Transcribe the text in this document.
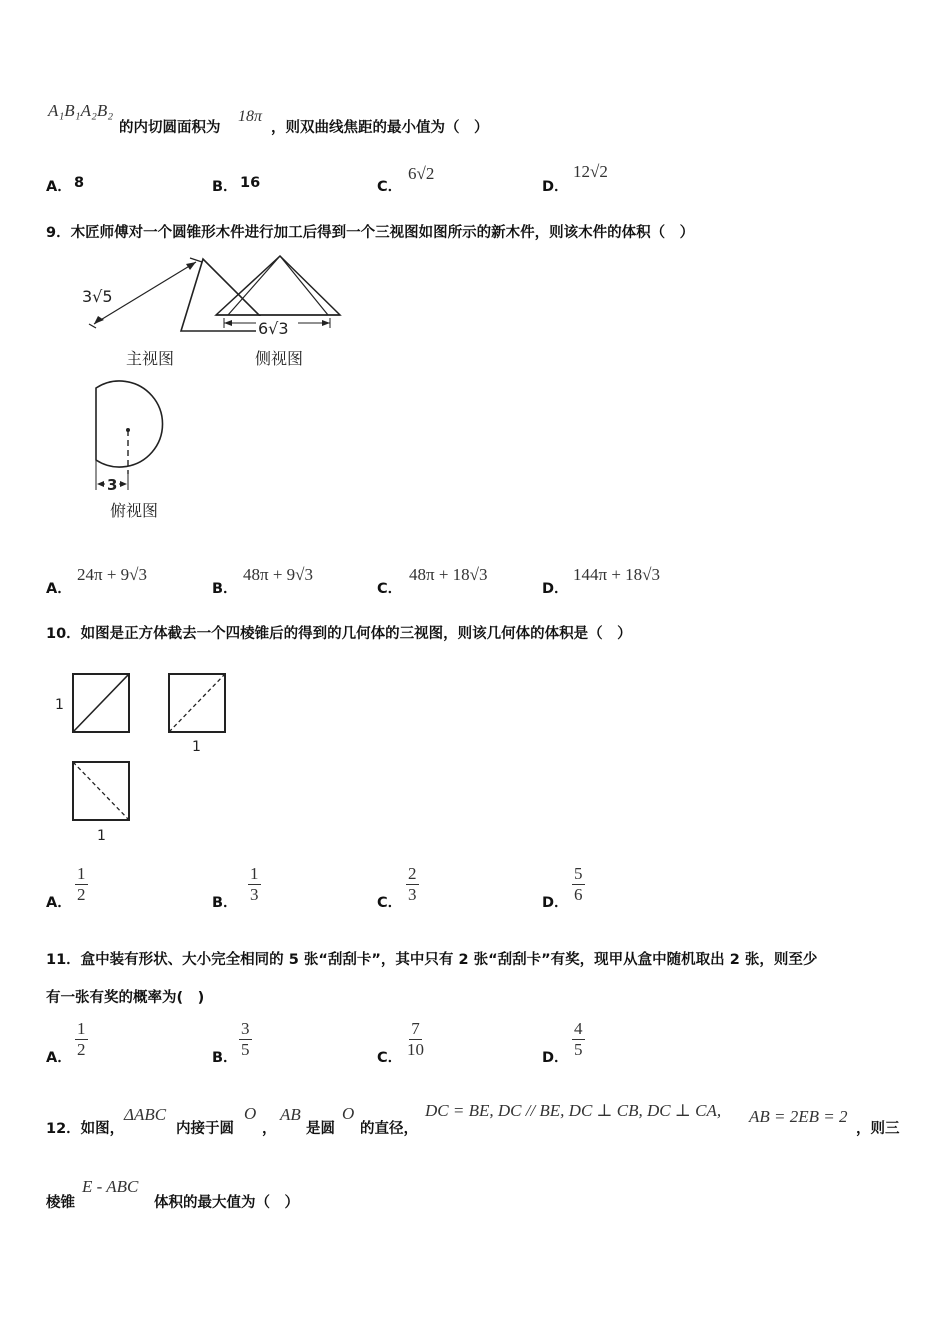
A₁B₁A₂B₂
的内切圆面积为
18π
，则双曲线焦距的最小值为（　）
A． 8	B． 16	C．
6√2
D．
12√2
9．木匠师傅对一个圆锥形木件进行加工后得到一个三视图如图所示的新木件，则该木件的体积（　）
3√5
6√3
主视图	侧视图
3
俯视图
A．
24π + 9√3
B．
48π + 9√3
C．
48π + 18√3
D．
144π + 18√3
10．如图是正方体截去一个四棱锥后的得到的几何体的三视图，则该几何体的体积是（　）
1
1
1
A． $\frac{1}{2}$	B． $\frac{1}{3}$	C． $\frac{2}{3}$	D． $\frac{5}{6}$
11．盒中装有形状、大小完全相同的 5 张“刮刮卡”，其中只有 2 张“刮刮卡”有奖，现甲从盒中随机取出 2 张，则至少
有一张有奖的概率为(　)
A． $\frac{1}{2}$	B． $\frac{3}{5}$	C． $\frac{7}{10}$	D． $\frac{4}{5}$
12．如图，
ΔABC
内接于圆
O
，
AB
是圆
O
的直径，
DC = BE, DC // BE, DC ⊥ CB, DC ⊥ CA, AB = 2EB = 2
，则三
棱锥
E - ABC
体积的最大值为（　）
